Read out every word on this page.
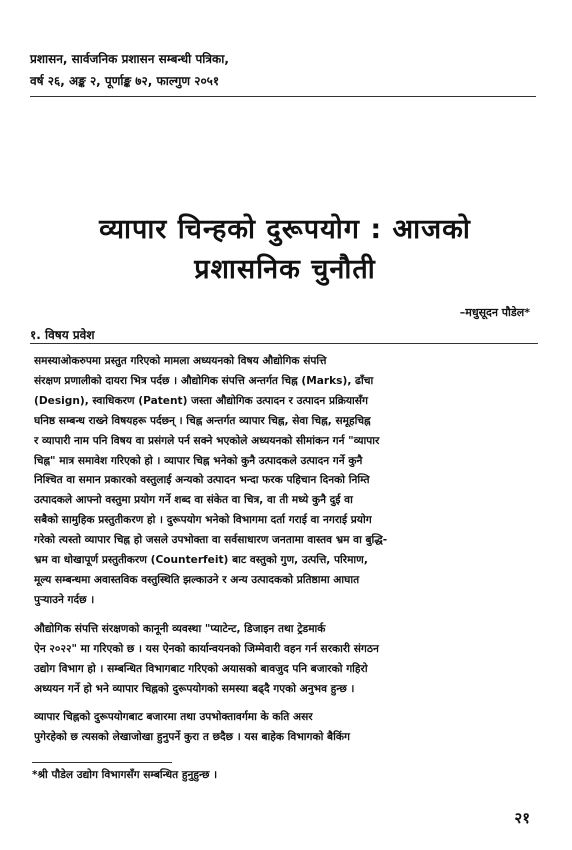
प्रशासन, सार्वजनिक प्रशासन सम्बन्धी पत्रिका,
वर्ष २६, अङ्क २, पूर्णाङ्क ७२, फाल्गुण २०५१
व्यापार चिन्हको दुरूपयोग : आजको
प्रशासनिक चुनौती
–मधुसूदन पौडेल*
१. विषय प्रवेश
समस्याओकरुपमा प्रस्तुत गरिएको मामला अध्ययनको विषय औद्योगिक संपत्ति
संरक्षण प्रणालीको दायरा भित्र पर्दछ । औद्योगिक संपत्ति अन्तर्गत चिह्न (Marks), ढाँचा
(Design), स्वाधिकरण (Patent) जस्ता औद्योगिक उत्पादन र उत्पादन प्रक्रियासँग
घनिष्ठ सम्बन्ध राख्ने विषयहरू पर्दछन् । चिह्न अन्तर्गत व्यापार चिह्न, सेवा चिह्न, समूहचिह्न
र व्यापारी नाम पनि विषय वा प्रसंगले पर्न सक्ने भएकोले अध्ययनको सीमांकन गर्न "व्यापार
चिह्न" मात्र समावेश गरिएको हो । व्यापार चिह्न भनेको कुनै उत्पादकले उत्पादन गर्ने कुनै
निश्चित वा समान प्रकारको वस्तुलाई अन्यको उत्पादन भन्दा फरक पहिचान दिनको निम्ति
उत्पादकले आफ्नो वस्तुमा प्रयोग गर्ने शब्द वा संकेत वा चित्र, वा ती मध्ये कुनै दुई वा
सबैको सामुहिक प्रस्तुतीकरण हो । दुरूपयोग भनेको विभागमा दर्ता गराई वा नगराई प्रयोग
गरेको त्यस्तो व्यापार चिह्न हो जसले उपभोक्ता वा सर्वसाधारण जनतामा वास्तव भ्रम वा बुद्धि-
भ्रम वा धोखापूर्ण प्रस्तुतीकरण (Counterfeit) बाट वस्तुको गुण, उत्पत्ति, परिमाण,
मूल्य सम्बन्धमा अवास्तविक वस्तुस्थिति झल्काउने र अन्य उत्पादकको प्रतिष्ठामा आघात
पुऱ्याउने गर्दछ ।
औद्योगिक संपत्ति संरक्षणको कानूनी व्यवस्था "प्याटेन्ट, डिजाइन तथा ट्रेडमार्क
ऐन २०२२" मा गरिएको छ । यस ऐनको कार्यान्वयनको जिम्मेवारी वहन गर्न सरकारी संगठन
उद्योग विभाग हो । सम्बन्धित विभागबाट गरिएको अयासको बावजुद पनि बजारको गहिरो
अध्ययन गर्ने हो भने व्यापार चिह्नको दुरूपयोगको समस्या बढ्दै गएको अनुभव हुन्छ ।
व्यापार चिह्नको दुरूपयोगबाट बजारमा तथा उपभोक्तावर्गमा के कति असर
पुगेरहेको छ त्यसको लेखाजोखा हुनुपर्ने कुरा त छदैछ । यस बाहेक विभागको बैकिंग
*श्री पौडेल उद्योग विभागसँग सम्बन्धित हुनुहुन्छ ।
२१
